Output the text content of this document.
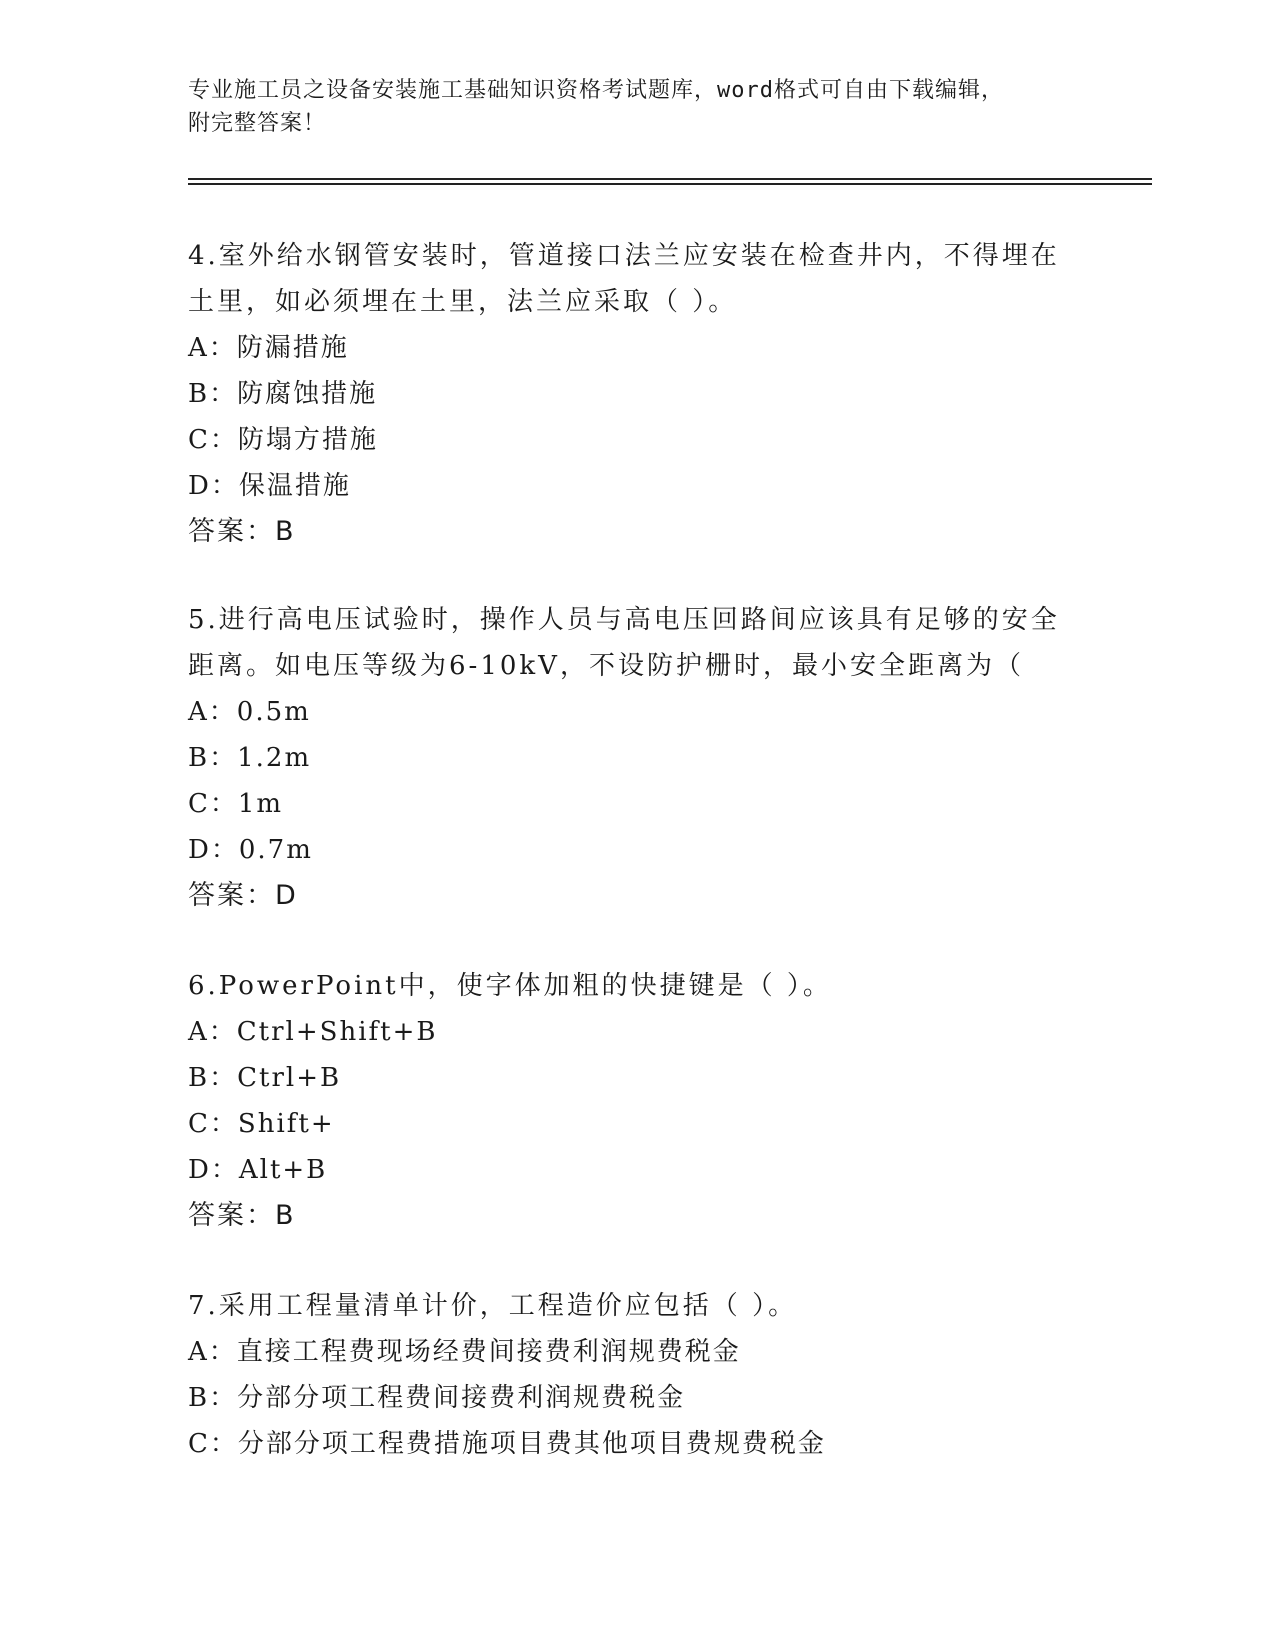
专业施工员之设备安装施工基础知识资格考试题库，word格式可自由下载编辑，
附完整答案！
4.室外给水钢管安装时，管道接口法兰应安装在检查井内，不得埋在
土里，如必须埋在土里，法兰应采取（ ）。
A：防漏措施
B：防腐蚀措施
C：防塌方措施
D：保温措施
答案：B
5.进行高电压试验时，操作人员与高电压回路间应该具有足够的安全
距离。如电压等级为6-10kV，不设防护栅时，最小安全距离为（
A：0.5m
B：1.2m
C：1m
D：0.7m
答案：D
6.PowerPoint中，使字体加粗的快捷键是（ ）。
A：Ctrl+Shift+B
B：Ctrl+B
C：Shift+
D：Alt+B
答案：B
7.采用工程量清单计价，工程造价应包括（ ）。
A：直接工程费现场经费间接费利润规费税金
B：分部分项工程费间接费利润规费税金
C：分部分项工程费措施项目费其他项目费规费税金
